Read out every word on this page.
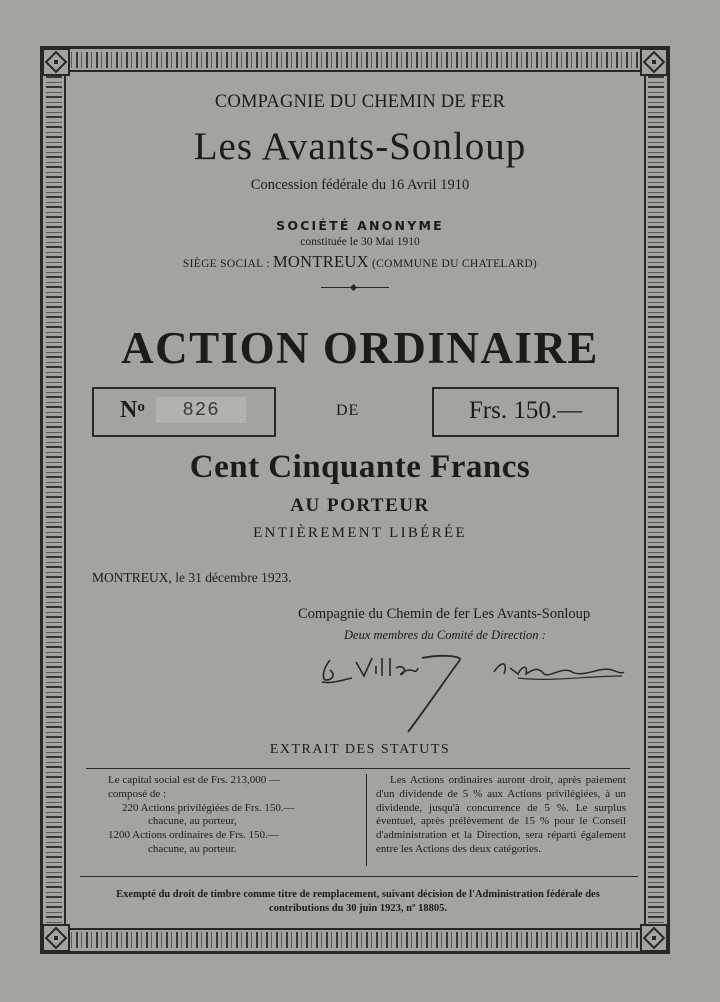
COMPAGNIE DU CHEMIN DE FER
Les Avants-Sonloup
Concession fédérale du 16 Avril 1910
SOCIÉTÉ ANONYME
constituée le 30 Mai 1910
SIÈGE SOCIAL : MONTREUX (COMMUNE DU CHATELARD)
ACTION ORDINAIRE
$N^o$	826	DE	Frs. 150.—
Cent Cinquante Francs
AU PORTEUR
ENTIÈREMENT LIBÉRÉE
MONTREUX, le 31 décembre 1923.
Compagnie du Chemin de fer Les Avants-Sonloup
Deux membres du Comité de Direction :
EXTRAIT DES STATUTS
Le capital social est de Frs. 213,000 —
composé de :
220 Actions privilégiées de Frs. 150.—
chacune, au porteur,
1200 Actions ordinaires de Frs. 150.—
chacune, au porteur.
Les Actions ordinaires auront droit, après paiement d'un dividende de 5 % aux Actions privilégiées, à un dividende, jusqu'à concurrence de 5 %. Le surplus éventuel, après prélèvement de 15 % pour le Conseil d'administration et la Direction, sera réparti également entre les Actions des deux catégories.
Exempté du droit de timbre comme titre de remplacement, suivant décision de l'Administration fédérale des contributions du 30 juin 1923, nº 18805.
